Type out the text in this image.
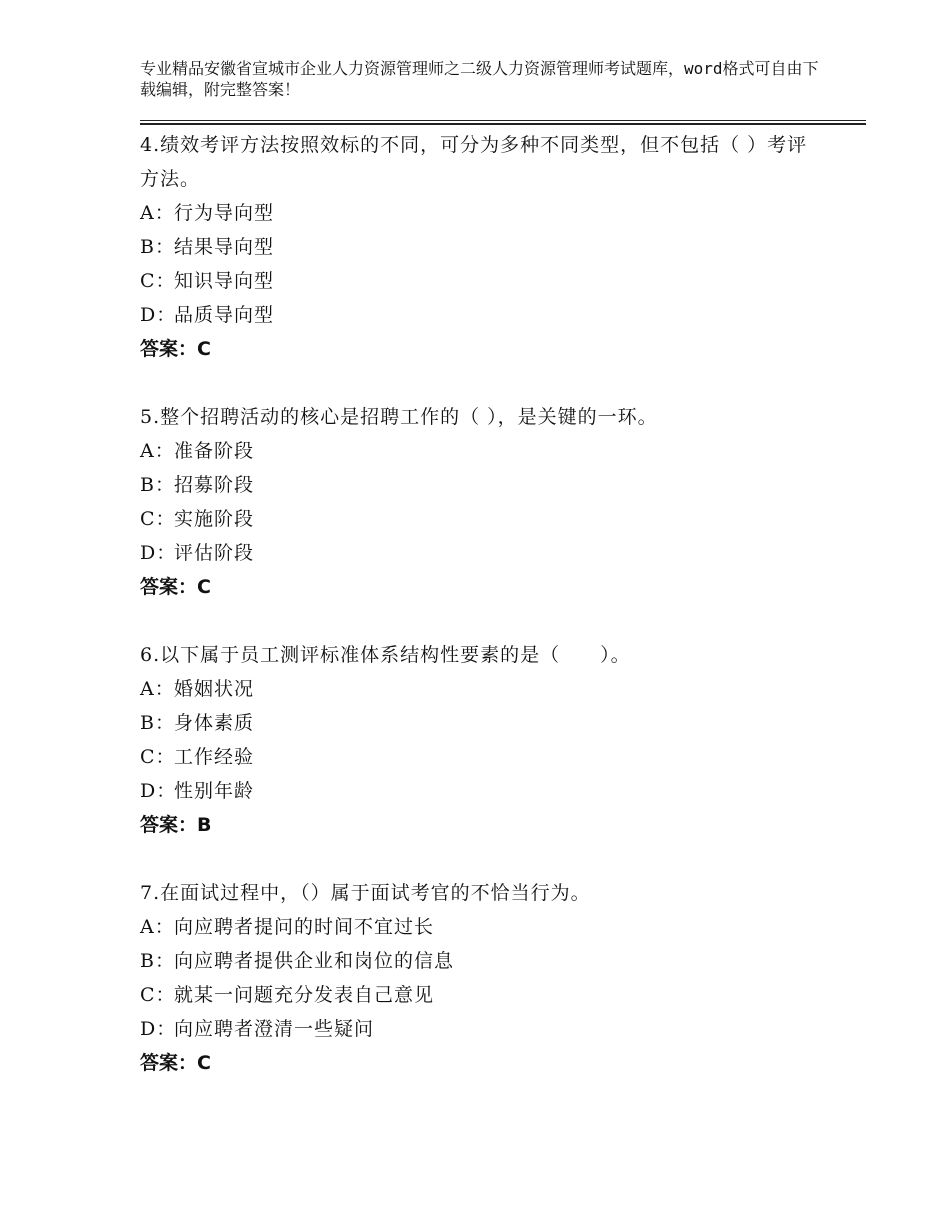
专业精品安徽省宣城市企业人力资源管理师之二级人力资源管理师考试题库，word格式可自由下载编辑，附完整答案！
4.绩效考评方法按照效标的不同，可分为多种不同类型，但不包括（ ）考评方法。
A：行为导向型
B：结果导向型
C：知识导向型
D：品质导向型
答案：C
5.整个招聘活动的核心是招聘工作的（ ），是关键的一环。
A：准备阶段
B：招募阶段
C：实施阶段
D：评估阶段
答案：C
6.以下属于员工测评标准体系结构性要素的是（　　）。
A：婚姻状况
B：身体素质
C：工作经验
D：性别年龄
答案：B
7.在面试过程中，（）属于面试考官的不恰当行为。
A：向应聘者提问的时间不宜过长
B：向应聘者提供企业和岗位的信息
C：就某一问题充分发表自己意见
D：向应聘者澄清一些疑问
答案：C
